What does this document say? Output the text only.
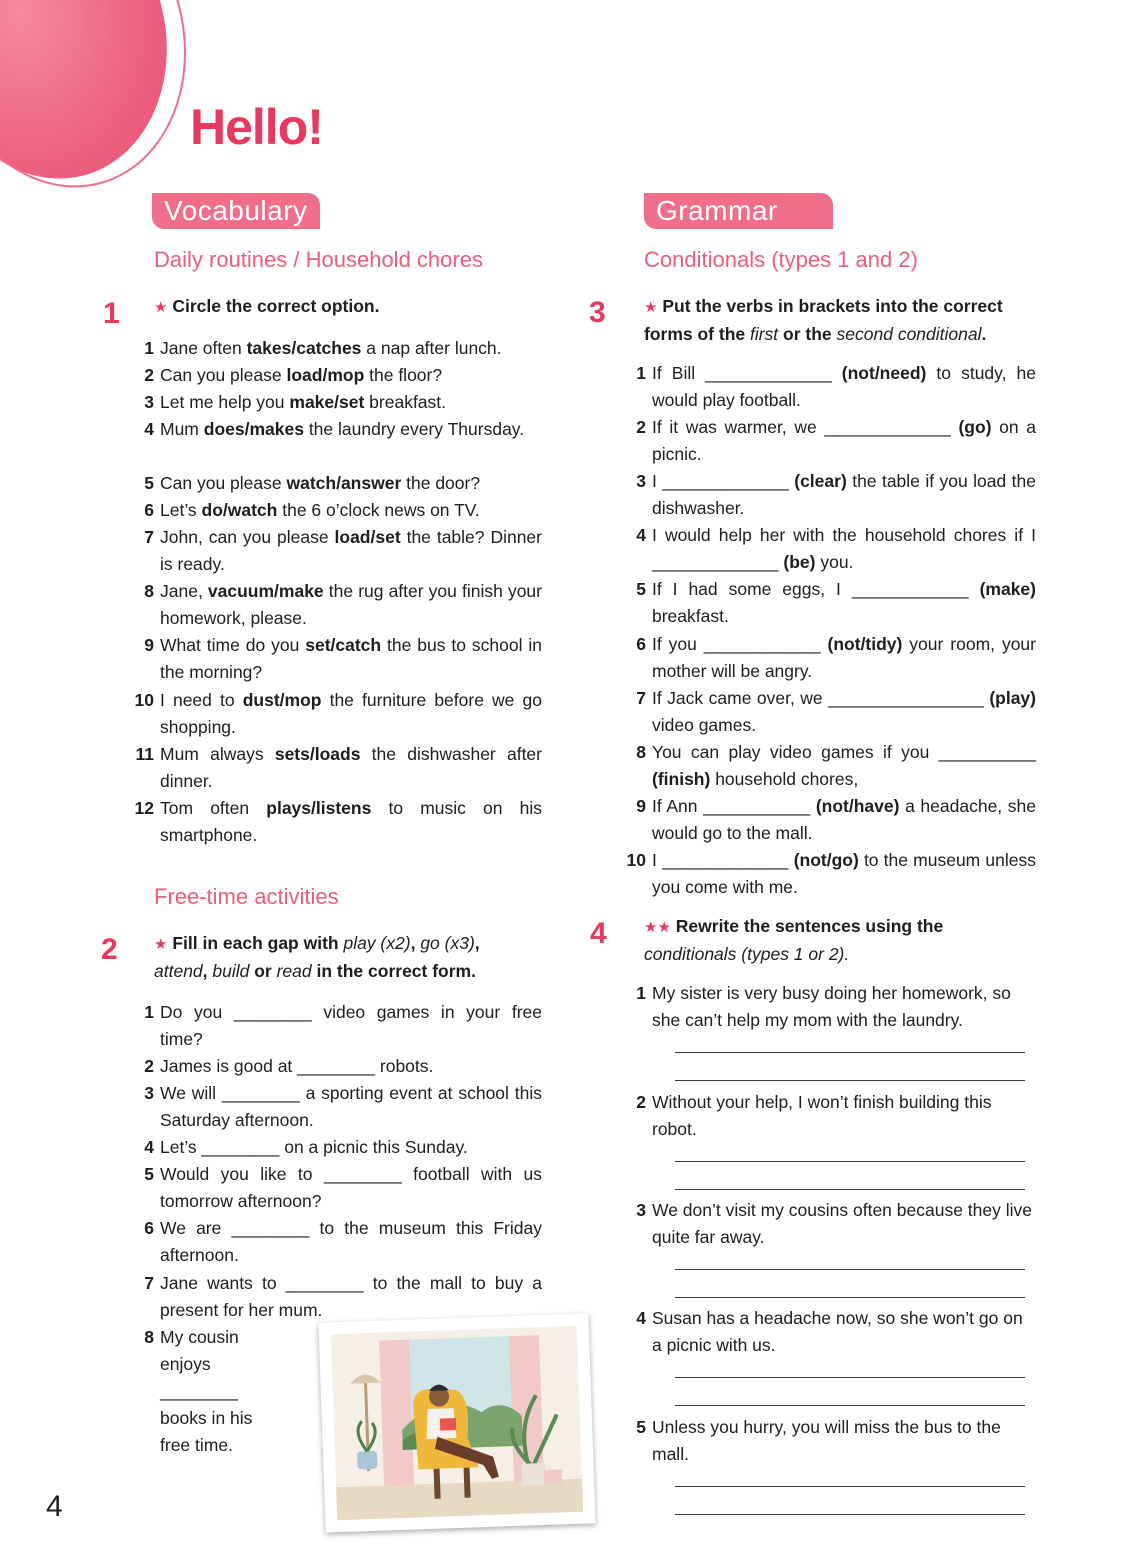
Hello!
Vocabulary
Daily routines / Household chores
1 ★ Circle the correct option.
1 Jane often takes/catches a nap after lunch.
2 Can you please load/mop the floor?
3 Let me help you make/set breakfast.
4 Mum does/makes the laundry every Thursday.
5 Can you please watch/answer the door?
6 Let’s do/watch the 6 o’clock news on TV.
7 John, can you please load/set the table? Dinner is ready.
8 Jane, vacuum/make the rug after you finish your homework, please.
9 What time do you set/catch the bus to school in the morning?
10 I need to dust/mop the furniture before we go shopping.
11 Mum always sets/loads the dishwasher after dinner.
12 Tom often plays/listens to music on his smartphone.
Free-time activities
2 ★ Fill in each gap with play (x2), go (x3),
attend, build or read in the correct form.
1 Do you ________ video games in your free time?
2 James is good at ________ robots.
3 We will ________ a sporting event at school this Saturday afternoon.
4 Let’s ________ on a picnic this Sunday.
5 Would you like to ________ football with us tomorrow afternoon?
6 We are ________ to the museum this Friday afternoon.
7 Jane wants to ________ to the mall to buy a present for her mum.
8 My cousin enjoys ________ books in his free time.
Grammar
Conditionals (types 1 and 2)
3	★ Put the verbs in brackets into the correct forms of the first or the second conditional.
1 If Bill _____________ (not/need) to study, he would play football.
2 If it was warmer, we _____________ (go) on a picnic.
3 I _____________ (clear) the table if you load the dishwasher.
4 I would help her with the household chores if I _____________ (be) you.
5 If I had some eggs, I ____________ (make) breakfast.
6 If you ____________ (not/tidy) your room, your mother will be angry.
7 If Jack came over, we ________________ (play) video games.
8 You can play video games if you __________ (finish) household chores,
9 If Ann ___________ (not/have) a headache, she would go to the mall.
10 I _____________ (not/go) to the museum unless you come with me.
4 ★★ Rewrite the sentences using the
conditionals (types 1 or 2).
1 My sister is very busy doing her homework, so she can’t help my mom with the laundry.
2 Without your help, I won’t finish building this robot.
3 We don’t visit my cousins often because they live quite far away.
4 Susan has a headache now, so she won’t go on a picnic with us.
5 Unless you hurry, you will miss the bus to the mall.
4
